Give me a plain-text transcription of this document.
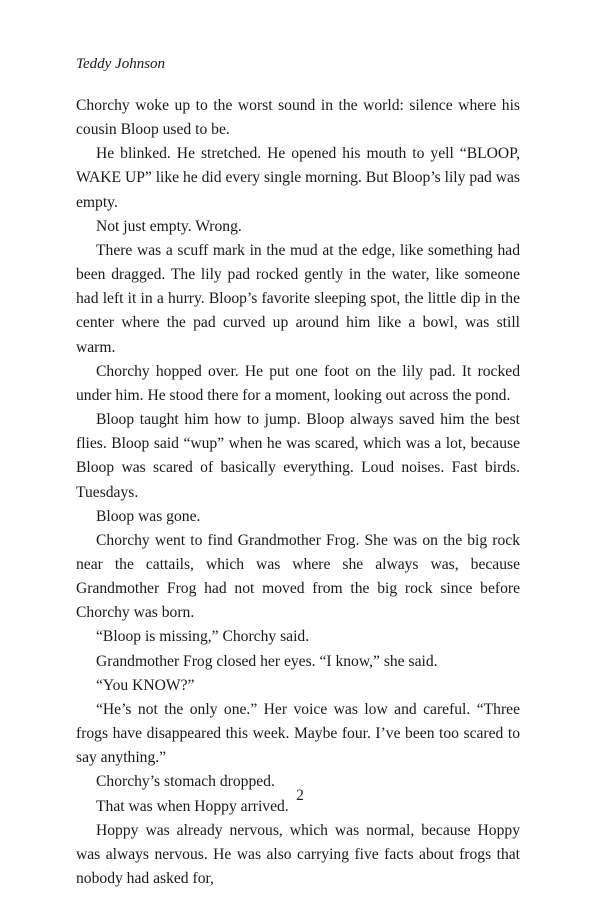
Teddy Johnson

Chorchy woke up to the worst sound in the world: silence where his cousin Bloop used to be.

He blinked. He stretched. He opened his mouth to yell “BLOOP, WAKE UP” like he did every single morning. But Bloop’s lily pad was empty.

Not just empty. Wrong.

There was a scuff mark in the mud at the edge, like something had been dragged. The lily pad rocked gently in the water, like someone had left it in a hurry. Bloop’s favorite sleeping spot, the little dip in the center where the pad curved up around him like a bowl, was still warm.

Chorchy hopped over. He put one foot on the lily pad. It rocked under him. He stood there for a moment, looking out across the pond.

Bloop taught him how to jump. Bloop always saved him the best flies. Bloop said “wup” when he was scared, which was a lot, because Bloop was scared of basically everything. Loud noises. Fast birds. Tuesdays.

Bloop was gone.

Chorchy went to find Grandmother Frog. She was on the big rock near the cattails, which was where she always was, because Grandmother Frog had not moved from the big rock since before Chorchy was born.

“Bloop is missing,” Chorchy said.

Grandmother Frog closed her eyes. “I know,” she said.

“You KNOW?”

“He’s not the only one.” Her voice was low and careful. “Three frogs have disappeared this week. Maybe four. I’ve been too scared to say anything.”

Chorchy’s stomach dropped.

That was when Hoppy arrived.

Hoppy was already nervous, which was normal, because Hoppy was always nervous. He was also carrying five facts about frogs that nobody had asked for,

2
